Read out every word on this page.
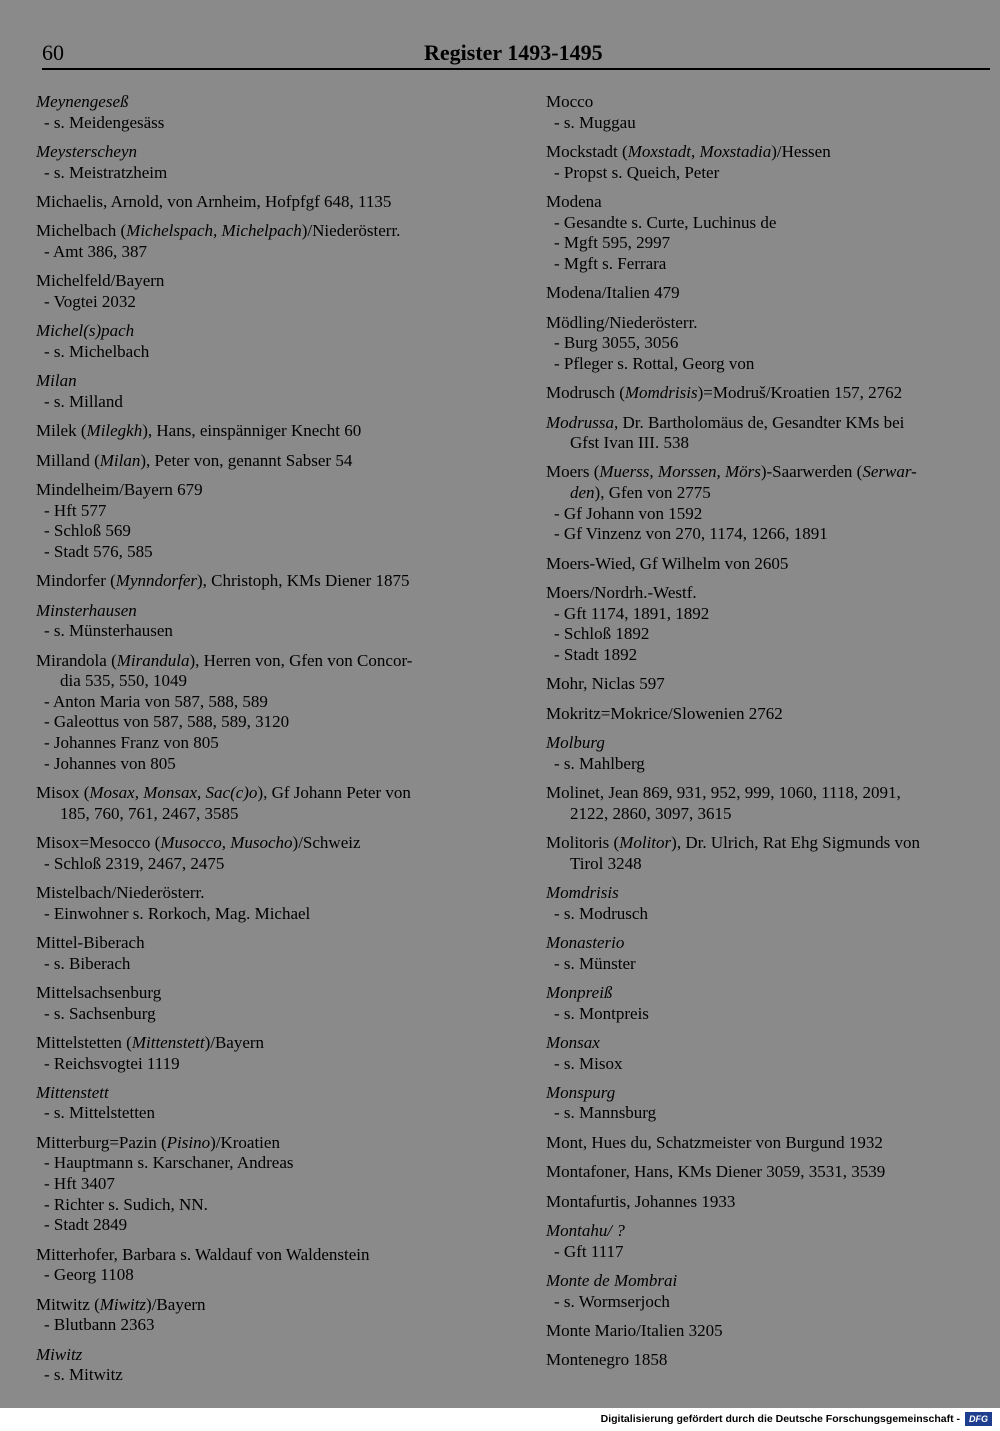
60	Register 1493-1495
Meynengeseß
- s. Meidengesäss
Meysterscheyn
- s. Meistratzheim
Michaelis, Arnold, von Arnheim, Hofpfgf 648, 1135
Michelbach (Michelspach, Michelpach)/Niederösterr.
- Amt 386, 387
Michelfeld/Bayern
- Vogtei 2032
Michel(s)pach
- s. Michelbach
Milan
- s. Milland
Milek (Milegkh), Hans, einspänniger Knecht 60
Milland (Milan), Peter von, genannt Sabser 54
Mindelheim/Bayern 679
- Hft 577
- Schloß 569
- Stadt 576, 585
Mindorfer (Mynndorfer), Christoph, KMs Diener 1875
Minsterhausen
- s. Münsterhausen
Mirandola (Mirandula), Herren von, Gfen von Concor-
dia 535, 550, 1049
- Anton Maria von 587, 588, 589
- Galeottus von 587, 588, 589, 3120
- Johannes Franz von 805
- Johannes von 805
Misox (Mosax, Monsax, Sac(c)o), Gf Johann Peter von
185, 760, 761, 2467, 3585
Misox=Mesocco (Musocco, Musocho)/Schweiz
- Schloß 2319, 2467, 2475
Mistelbach/Niederösterr.
- Einwohner s. Rorkoch, Mag. Michael
Mittel-Biberach
- s. Biberach
Mittelsachsenburg
- s. Sachsenburg
Mittelstetten (Mittenstett)/Bayern
- Reichsvogtei 1119
Mittenstett
- s. Mittelstetten
Mitterburg=Pazin (Pisino)/Kroatien
- Hauptmann s. Karschaner, Andreas
- Hft 3407
- Richter s. Sudich, NN.
- Stadt 2849
Mitterhofer, Barbara s. Waldauf von Waldenstein
- Georg 1108
Mitwitz (Miwitz)/Bayern
- Blutbann 2363
Miwitz
- s. Mitwitz
Mocco
- s. Muggau
Mockstadt (Moxstadt, Moxstadia)/Hessen
- Propst s. Queich, Peter
Modena
- Gesandte s. Curte, Luchinus de
- Mgft 595, 2997
- Mgft s. Ferrara
Modena/Italien 479
Mödling/Niederösterr.
- Burg 3055, 3056
- Pfleger s. Rottal, Georg von
Modrusch (Momdrisis)=Modruš/Kroatien 157, 2762
Modrussa, Dr. Bartholomäus de, Gesandter KMs bei
Gfst Ivan III. 538
Moers (Muerss, Morssen, Mörs)-Saarwerden (Serwar-
den), Gfen von 2775
- Gf Johann von 1592
- Gf Vinzenz von 270, 1174, 1266, 1891
Moers-Wied, Gf Wilhelm von 2605
Moers/Nordrh.-Westf.
- Gft 1174, 1891, 1892
- Schloß 1892
- Stadt 1892
Mohr, Niclas 597
Mokritz=Mokrice/Slowenien 2762
Molburg
- s. Mahlberg
Molinet, Jean 869, 931, 952, 999, 1060, 1118, 2091,
2122, 2860, 3097, 3615
Molitoris (Molitor), Dr. Ulrich, Rat Ehg Sigmunds von
Tirol 3248
Momdrisis
- s. Modrusch
Monasterio
- s. Münster
Monpreiß
- s. Montpreis
Monsax
- s. Misox
Monspurg
- s. Mannsburg
Mont, Hues du, Schatzmeister von Burgund 1932
Montafoner, Hans, KMs Diener 3059, 3531, 3539
Montafurtis, Johannes 1933
Montahu/ ?
- Gft 1117
Monte de Mombrai
- s. Wormserjoch
Monte Mario/Italien 3205
Montenegro 1858
Digitalisierung gefördert durch die Deutsche Forschungsgemeinschaft -	DFG
